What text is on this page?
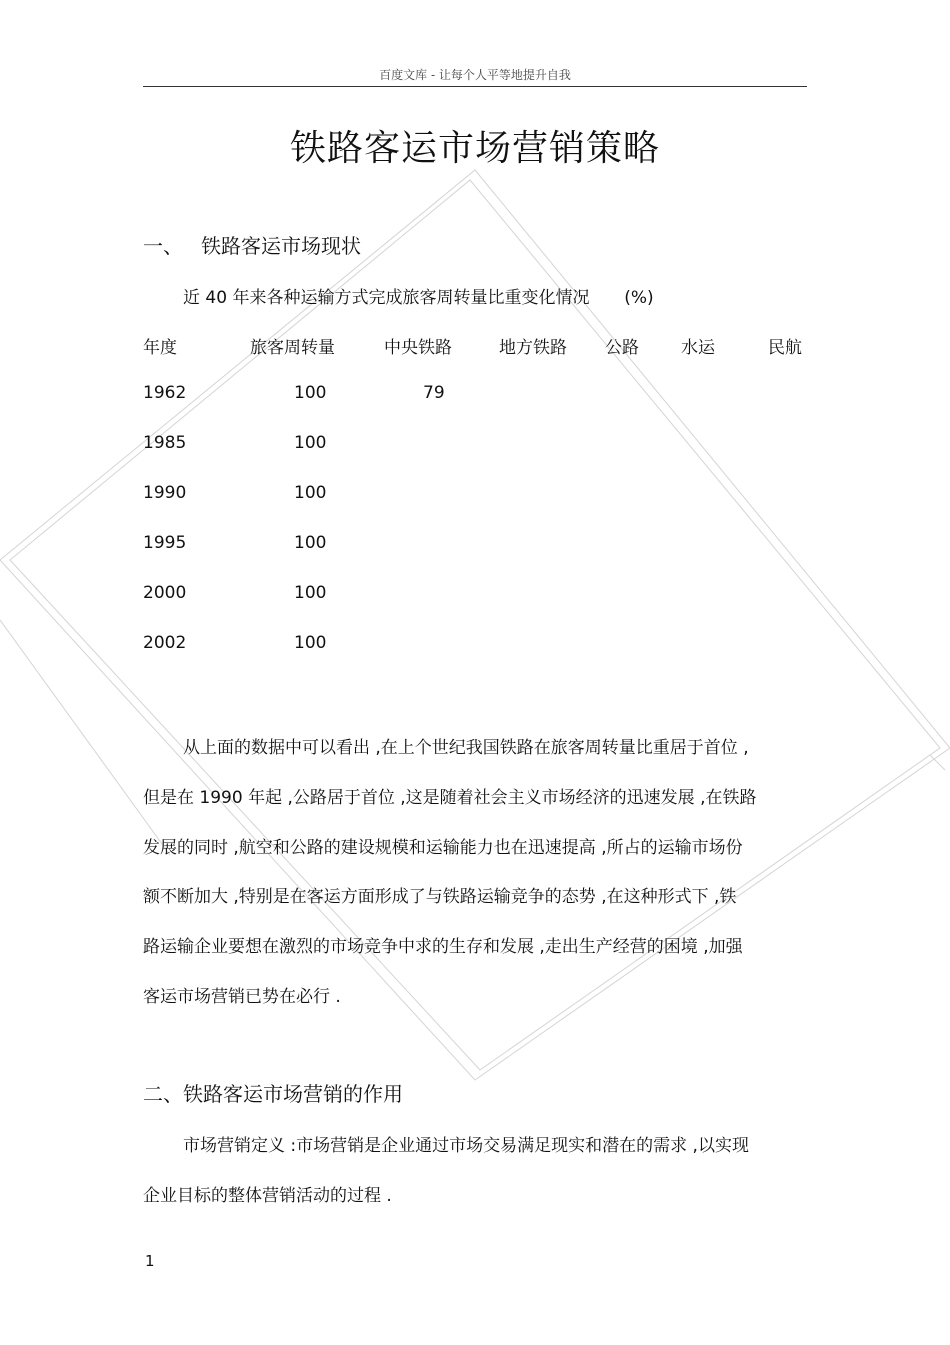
百度文库 - 让每个人平等地提升自我
铁路客运市场营销策略
一、 铁路客运市场现状
近 40 年来各种运输方式完成旅客周转量比重变化情况 (%)
年度	旅客周转量	中央铁路	地方铁路 公路 水运	民航
1962	100	79
1985	100
1990	100
1995	100
2000	100
2002	100
从上面的数据中可以看出 ,在上个世纪我国铁路在旅客周转量比重居于首位 ,
但是在 1990 年起 ,公路居于首位 ,这是随着社会主义市场经济的迅速发展 ,在铁路
发展的同时 ,航空和公路的建设规模和运输能力也在迅速提高 ,所占的运输市场份
额不断加大 ,特别是在客运方面形成了与铁路运输竞争的态势 ,在这种形式下 ,铁
路运输企业要想在激烈的市场竞争中求的生存和发展 ,走出生产经营的困境 ,加强
客运市场营销已势在必行 .
二、铁路客运市场营销的作用
市场营销定义 :市场营销是企业通过市场交易满足现实和潜在的需求 ,以实现
企业目标的整体营销活动的过程 .
1
